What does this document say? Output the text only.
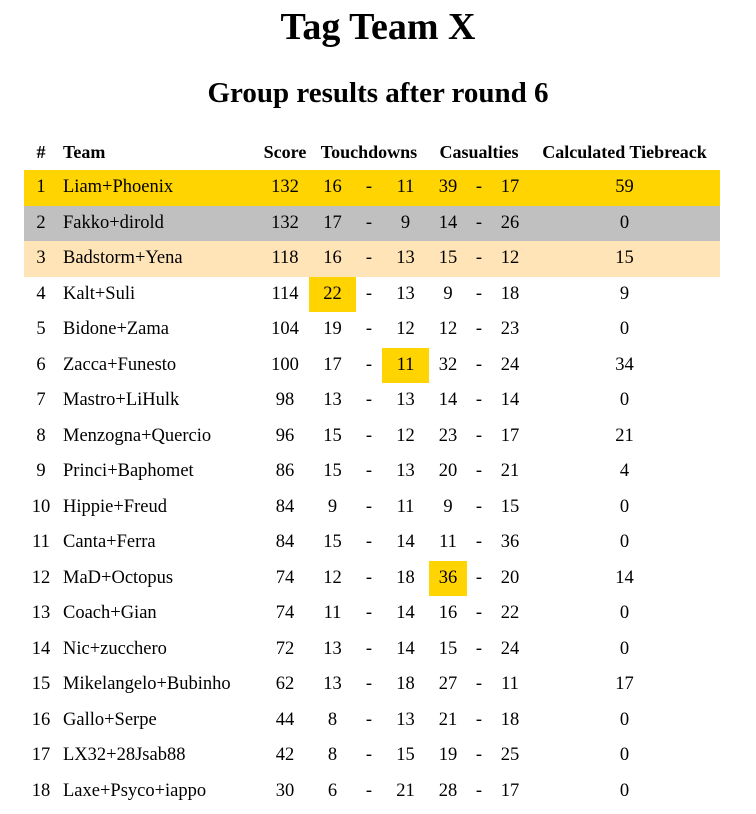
Tag Team X
Group results after round 6
#	Team	Score	Touchdowns			Casualties			Calculated Tiebreack
1	Liam+Phoenix	132	16	-	11	39	-	17	59
2	Fakko+dirold	132	17	-	9	14	-	26	0
3	Badstorm+Yena	118	16	-	13	15	-	12	15
4	Kalt+Suli	114	22	-	13	9	-	18	9
5	Bidone+Zama	104	19	-	12	12	-	23	0
6	Zacca+Funesto	100	17	-	11	32	-	24	34
7	Mastro+LiHulk	98	13	-	13	14	-	14	0
8	Menzogna+Quercio	96	15	-	12	23	-	17	21
9	Princi+Baphomet	86	15	-	13	20	-	21	4
10	Hippie+Freud	84	9	-	11	9	-	15	0
11	Canta+Ferra	84	15	-	14	11	-	36	0
12	MaD+Octopus	74	12	-	18	36	-	20	14
13	Coach+Gian	74	11	-	14	16	-	22	0
14	Nic+zucchero	72	13	-	14	15	-	24	0
15	Mikelangelo+Bubinho	62	13	-	18	27	-	11	17
16	Gallo+Serpe	44	8	-	13	21	-	18	0
17	LX32+28Jsab88	42	8	-	15	19	-	25	0
18	Laxe+Psyco+iappo	30	6	-	21	28	-	17	0
